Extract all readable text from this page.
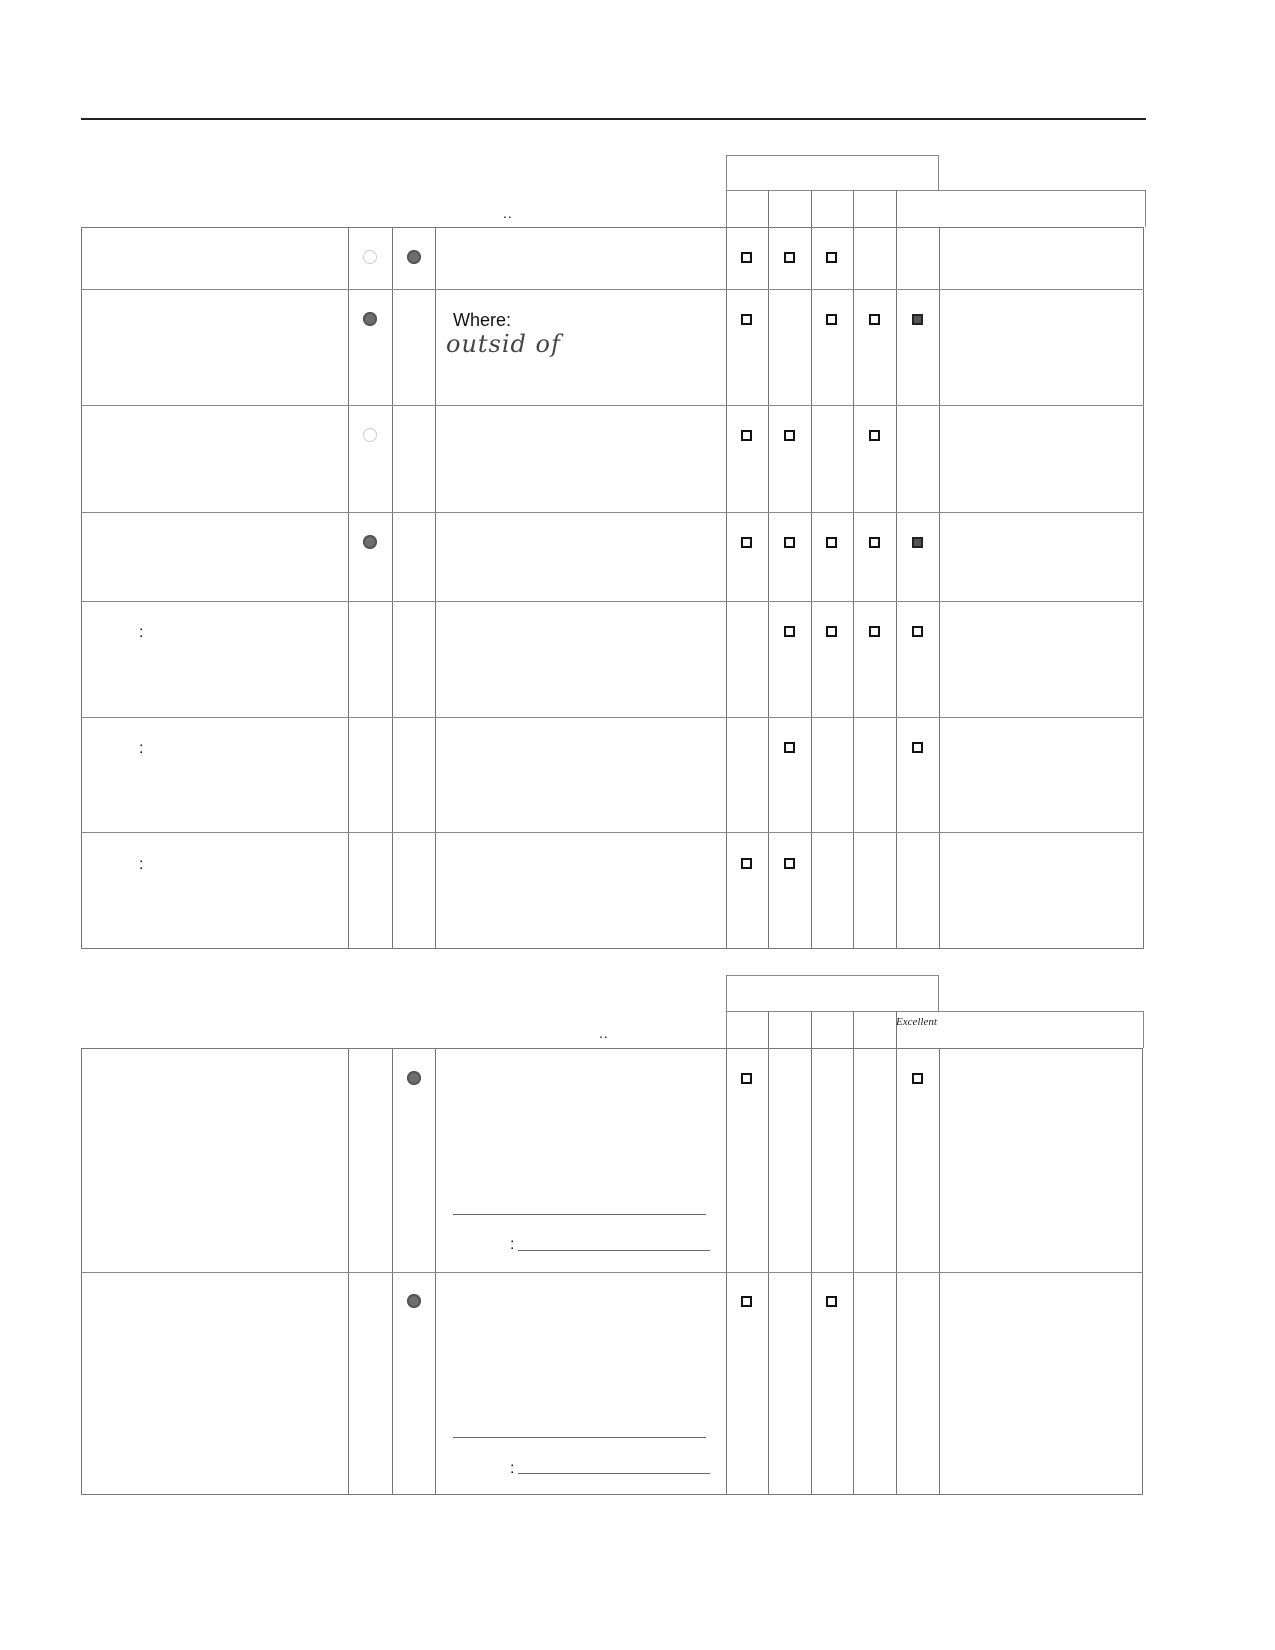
..
Where:
outsid of
:
:
:
Excellent
..
:
:
